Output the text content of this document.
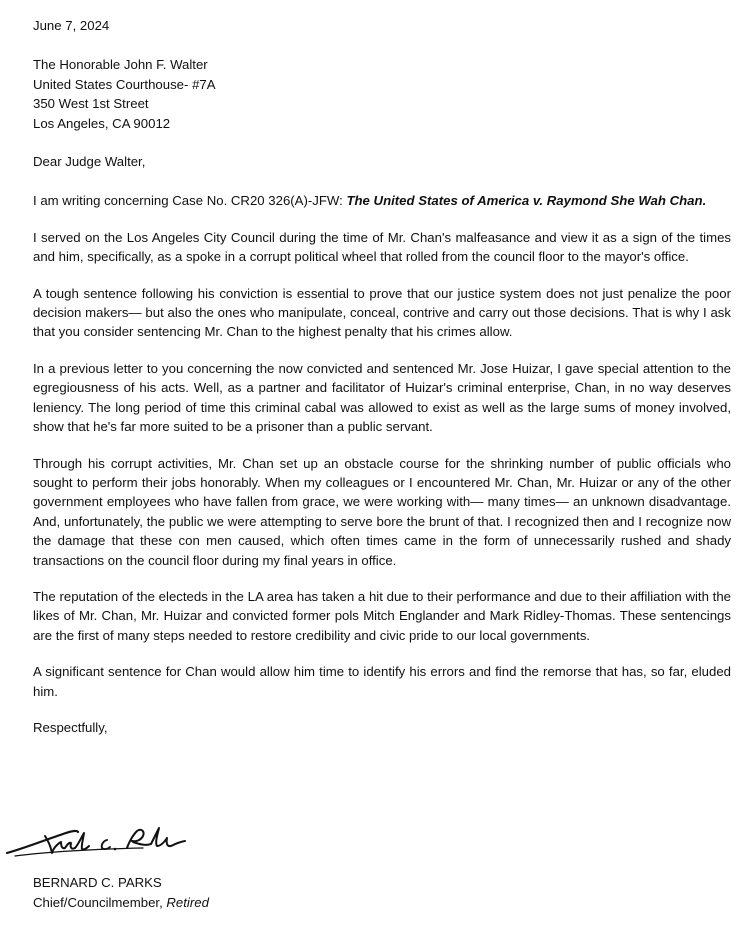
June 7, 2024

The Honorable John F. Walter
United States Courthouse- #7A
350 West 1st Street
Los Angeles, CA 90012

Dear Judge Walter,

I am writing concerning Case No. CR20 326(A)-JFW: The United States of America v. Raymond She Wah Chan.

I served on the Los Angeles City Council during the time of Mr. Chan's malfeasance and view it as a sign of the times and him, specifically, as a spoke in a corrupt political wheel that rolled from the council floor to the mayor's office.

A tough sentence following his conviction is essential to prove that our justice system does not just penalize the poor decision makers— but also the ones who manipulate, conceal, contrive and carry out those decisions. That is why I ask that you consider sentencing Mr. Chan to the highest penalty that his crimes allow.

In a previous letter to you concerning the now convicted and sentenced Mr. Jose Huizar, I gave special attention to the egregiousness of his acts. Well, as a partner and facilitator of Huizar's criminal enterprise, Chan, in no way deserves leniency. The long period of time this criminal cabal was allowed to exist as well as the large sums of money involved, show that he's far more suited to be a prisoner than a public servant.

Through his corrupt activities, Mr. Chan set up an obstacle course for the shrinking number of public officials who sought to perform their jobs honorably. When my colleagues or I encountered Mr. Chan, Mr. Huizar or any of the other government employees who have fallen from grace, we were working with— many times— an unknown disadvantage. And, unfortunately, the public we were attempting to serve bore the brunt of that. I recognized then and I recognize now the damage that these con men caused, which often times came in the form of unnecessarily rushed and shady transactions on the council floor during my final years in office.

The reputation of the electeds in the LA area has taken a hit due to their performance and due to their affiliation with the likes of Mr. Chan, Mr. Huizar and convicted former pols Mitch Englander and Mark Ridley-Thomas. These sentencings are the first of many steps needed to restore credibility and civic pride to our local governments.

A significant sentence for Chan would allow him time to identify his errors and find the remorse that has, so far, eluded him.

Respectfully,

BERNARD C. PARKS
Chief/Councilmember, Retired
